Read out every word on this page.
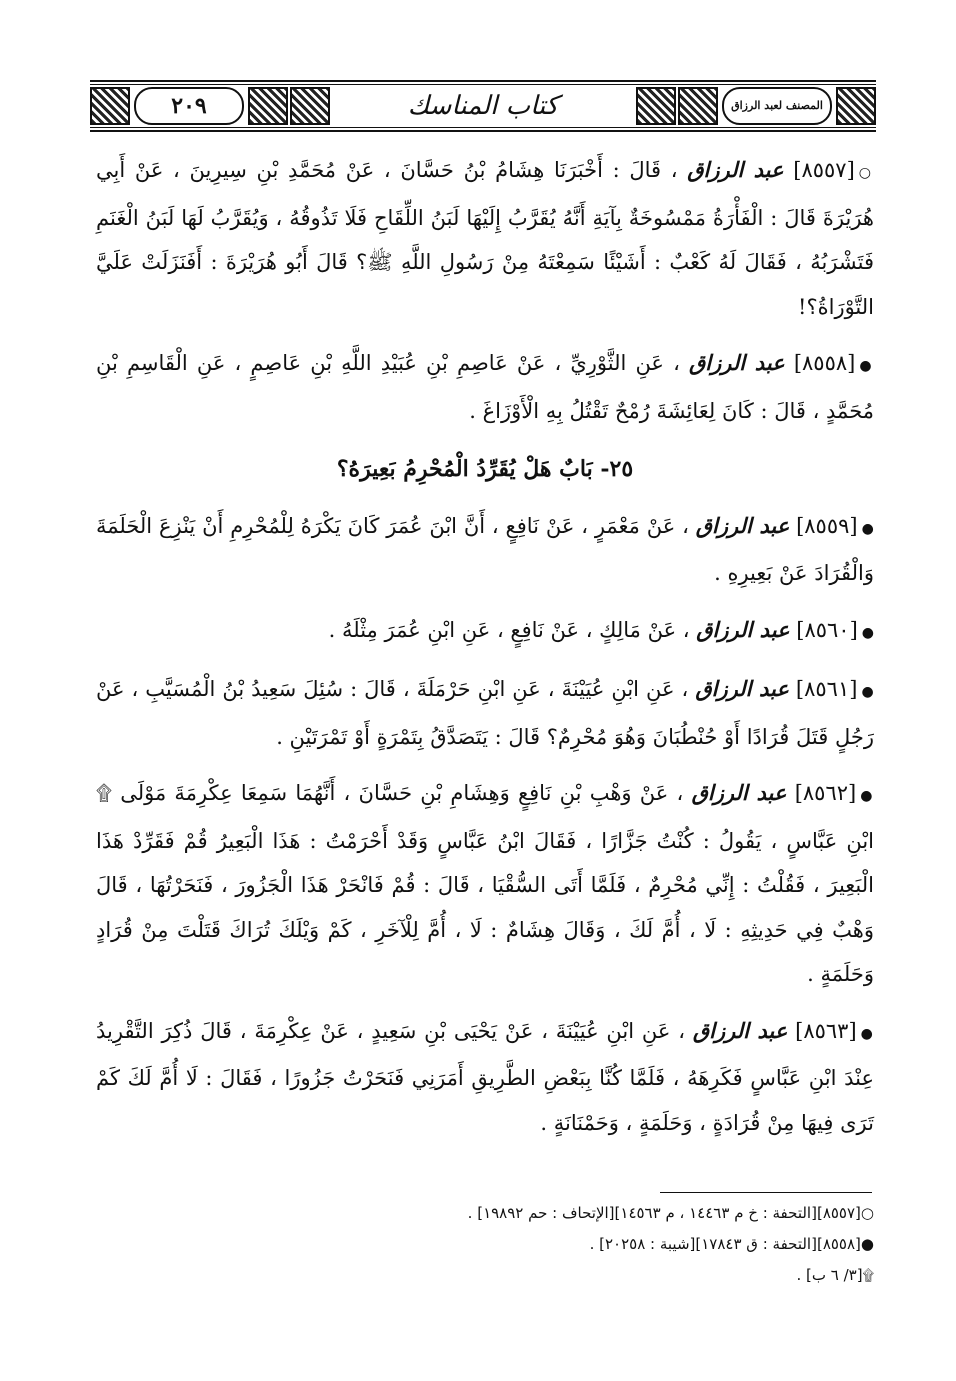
٢٠٩	كتاب المناسك	المصنف لعبد الرزاق

○[٨٥٥٧] عبد الرزاق ، قَالَ : أَخْبَرَنَا هِشَامُ بْنُ حَسَّانَ ، عَنْ مُحَمَّدِ بْنِ سِيرِينَ ، عَنْ أَبِي هُرَيْرَةَ قَالَ : الْفَأْرَةُ مَمْسُوخَةٌ بِآيَةِ أَنَّهُ يُقَرَّبُ إِلَيْهَا لَبَنُ اللِّقَاحِ فَلَا تَذُوقُهُ ، وَيُقَرَّبُ لَهَا لَبَنُ الْغَنَمِ فَتَشْرَبُهُ ، فَقَالَ لَهُ كَعْبٌ : أَشَيْئًا سَمِعْتَهُ مِنْ رَسُولِ اللَّهِ ﷺ؟ قَالَ أَبُو هُرَيْرَةَ : أَفَنَزَلَتْ عَلَيَّ التَّوْرَاةُ؟!

●[٨٥٥٨] عبد الرزاق ، عَنِ الثَّوْرِيِّ ، عَنْ عَاصِمِ بْنِ عُبَيْدِ اللَّهِ بْنِ عَاصِمٍ ، عَنِ الْقَاسِمِ بْنِ مُحَمَّدٍ ، قَالَ : كَانَ لِعَائِشَةَ رُمْحٌ تَقْتُلُ بِهِ الْأَوْزَاغَ .

٢٥- بَابٌ هَلْ يُقَرِّدُ الْمُحْرِمُ بَعِيرَهُ؟

●[٨٥٥٩] عبد الرزاق ، عَنْ مَعْمَرٍ ، عَنْ نَافِعٍ ، أَنَّ ابْنَ عُمَرَ كَانَ يَكْرَهُ لِلْمُحْرِمِ أَنْ يَنْزِعَ الْحَلَمَةَ وَالْقُرَادَ عَنْ بَعِيرِهِ .

●[٨٥٦٠] عبد الرزاق ، عَنْ مَالِكٍ ، عَنْ نَافِعٍ ، عَنِ ابْنِ عُمَرَ مِثْلَهُ .

●[٨٥٦١] عبد الرزاق ، عَنِ ابْنِ عُيَيْنَةَ ، عَنِ ابْنِ حَرْمَلَةَ ، قَالَ : سُئِلَ سَعِيدُ بْنُ الْمُسَيَّبِ ، عَنْ رَجُلٍ قَتَلَ قُرَادًا أَوْ حُنْطُبَانَ وَهُوَ مُحْرِمٌ؟ قَالَ : يَتَصَدَّقُ بِتَمْرَةٍ أَوْ تَمْرَتَيْنِ .

●[٨٥٦٢] عبد الرزاق ، عَنْ وَهْبِ بْنِ نَافِعٍ وَهِشَامِ بْنِ حَسَّانَ ، أَنَّهُمَا سَمِعَا عِكْرِمَةَ مَوْلَى ۩ ابْنِ عَبَّاسٍ ، يَقُولُ : كُنْتُ جَزَّارًا ، فَقَالَ ابْنُ عَبَّاسٍ وَقَدْ أَحْرَمْتُ : هَذَا الْبَعِيرُ قُمْ فَقَرِّدْ هَذَا الْبَعِيرَ ، فَقُلْتُ : إِنِّي مُحْرِمٌ ، فَلَمَّا أَتَى السُّقْيَا ، قَالَ : قُمْ فَانْحَرْ هَذَا الْجَزُورَ ، فَنَحَرْتُهَا ، قَالَ وَهْبٌ فِي حَدِيثِهِ : لَا ، أُمَّ لَكَ ، وَقَالَ هِشَامٌ : لَا ، أُمَّ لِلْآخَرِ ، كَمْ وَيْلَكَ تُرَاكَ قَتَلْتَ مِنْ قُرَادٍ وَحَلَمَةٍ .

●[٨٥٦٣] عبد الرزاق ، عَنِ ابْنِ عُيَيْنَةَ ، عَنْ يَحْيَى بْنِ سَعِيدٍ ، عَنْ عِكْرِمَةَ ، قَالَ ذُكِرَ التَّقْرِيدُ عِنْدَ ابْنِ عَبَّاسٍ فَكَرِهَهُ ، فَلَمَّا كُنَّا بِبَعْضِ الطَّرِيقِ أَمَرَنِي فَنَحَرْتُ جَزُورًا ، فَقَالَ : لَا أُمَّ لَكَ كَمْ تَرَى فِيهَا مِنْ قُرَادَةٍ ، وَحَلَمَةٍ ، وَحَمْنَانَةٍ .

○[٨٥٥٧][التحفة : خ م ١٤٤٦٣ ، م ١٤٥٦٣][الإتحاف : حم ١٩٨٩٢] .
●[٨٥٥٨][التحفة : ق ١٧٨٤٣][شيبة : ٢٠٢٥٨] .
۩[٣/ ٦ ب] .
